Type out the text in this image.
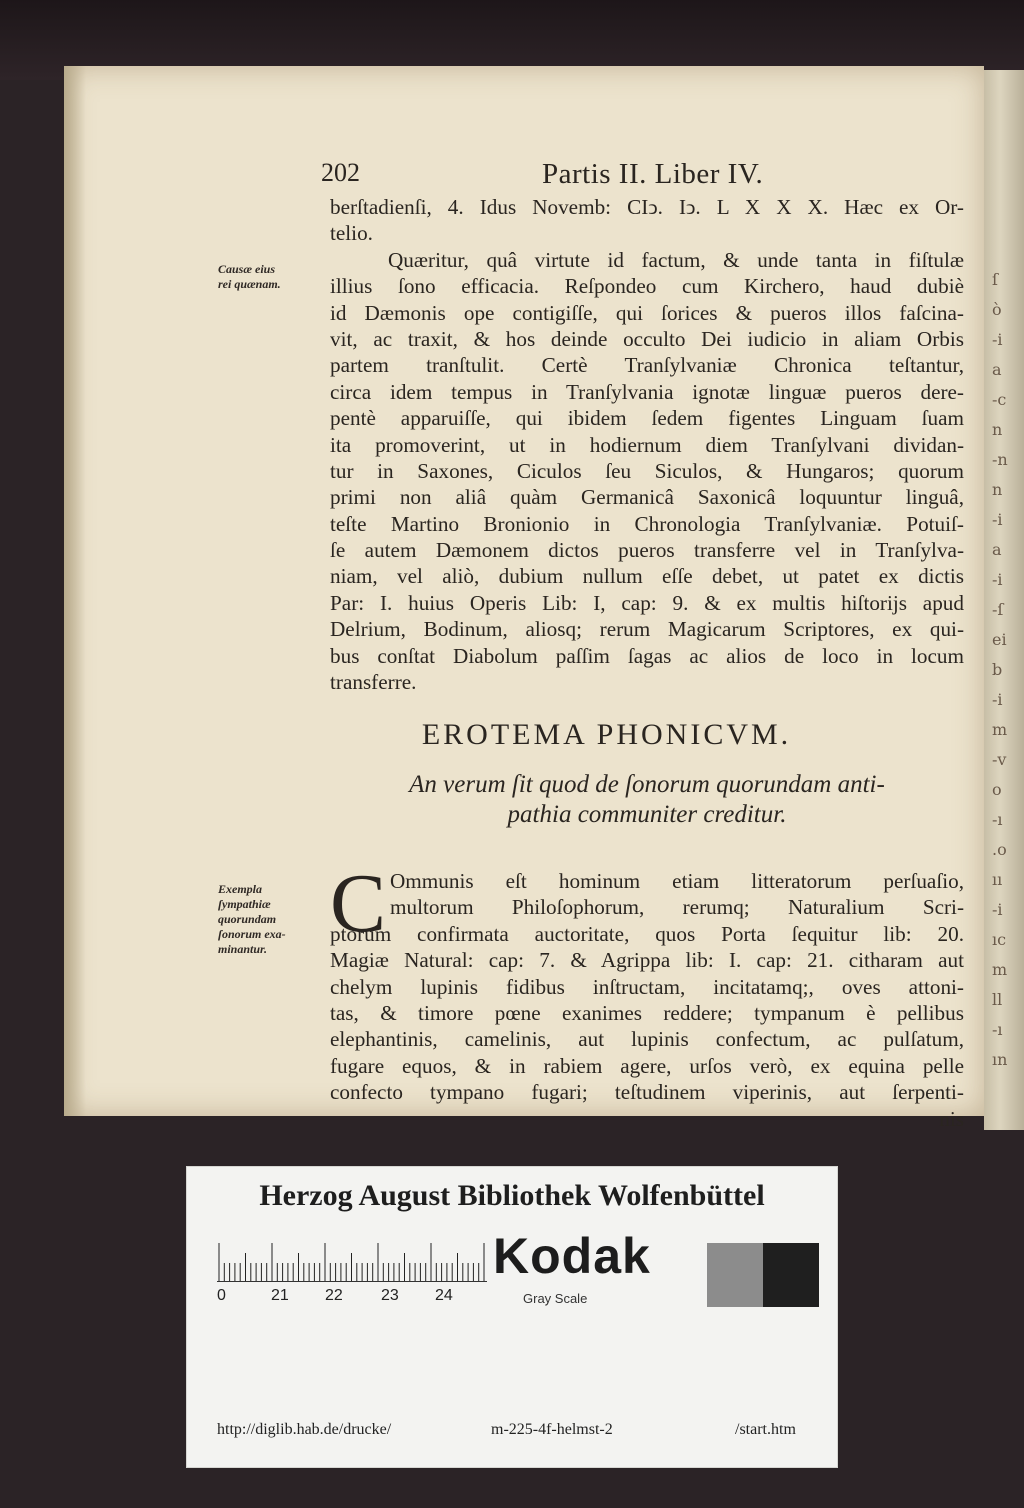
ſ
ò
-i
a
-c
n
-n
n
-i
a
-i
-ſ
ei
b
-i
m
-v
o
-ı
.o
ıı
-i
ıc
m
ll
-ı
ın
202	Partis II. Liber IV.
Causæ eius
rei quænam.
berſtadienſi, 4. Idus Novemb: CIↄ. Iↄ. L X X X. Hæc ex Or-
telio.
Quæritur, quâ virtute id factum, & unde tanta in fiſtulæ
illius ſono efficacia. Reſpondeo cum Kirchero, haud dubiè
id Dæmonis ope contigiſſe, qui ſorices & pueros illos faſcina-
vit, ac traxit, & hos deinde occulto Dei iudicio in aliam Orbis
partem tranſtulit. Certè Tranſylvaniæ Chronica teſtantur,
circa idem tempus in Tranſylvania ignotæ linguæ pueros dere-
pentè apparuiſſe, qui ibidem ſedem figentes Linguam ſuam
ita promoverint, ut in hodiernum diem Tranſylvani dividan-
tur in Saxones, Ciculos ſeu Siculos, & Hungaros; quorum
primi non aliâ quàm Germanicâ Saxonicâ loquuntur linguâ,
teſte Martino Bronionio in Chronologia Tranſylvaniæ. Potuiſ-
ſe autem Dæmonem dictos pueros transferre vel in Tranſylva-
niam, vel aliò, dubium nullum eſſe debet, ut patet ex dictis
Par: I. huius Operis Lib: I, cap: 9. & ex multis hiſtorijs apud
Delrium, Bodinum, aliosq; rerum Magicarum Scriptores, ex qui-
bus conſtat Diabolum paſſim ſagas ac alios de loco in locum
transferre.
EROTEMA PHONICVM.
An verum ſit quod de ſonorum quorundam anti-
pathia communiter creditur.
Exempla
ſympathiæ
quorundam
ſonorum exa-
minantur. C Ommunis eſt hominum etiam litteratorum perſuaſio,
multorum Philoſophorum, rerumq; Naturalium Scri-
ptorum confirmata auctoritate, quos Porta ſequitur lib: 20.
Magiæ Natural: cap: 7. & Agrippa lib: I. cap: 21. citharam aut
chelym lupinis fidibus inſtructam, incitatamq;, oves attoni-
tas, & timore pœne exanimes reddere; tympanum è pellibus
elephantinis, camelinis, aut lupinis confectum, ac pulſatum,
fugare equos, & in rabiem agere, urſos verò, ex equina pelle
confecto tympano fugari; teſtudinem viperinis, aut ſerpenti-
nis
Herzog August Bibliothek Wolfenbüttel
0	21 22 23 24
Kodak
Gray Scale
http://diglib.hab.de/drucke/	m-225-4f-helmst-2	/start.htm
